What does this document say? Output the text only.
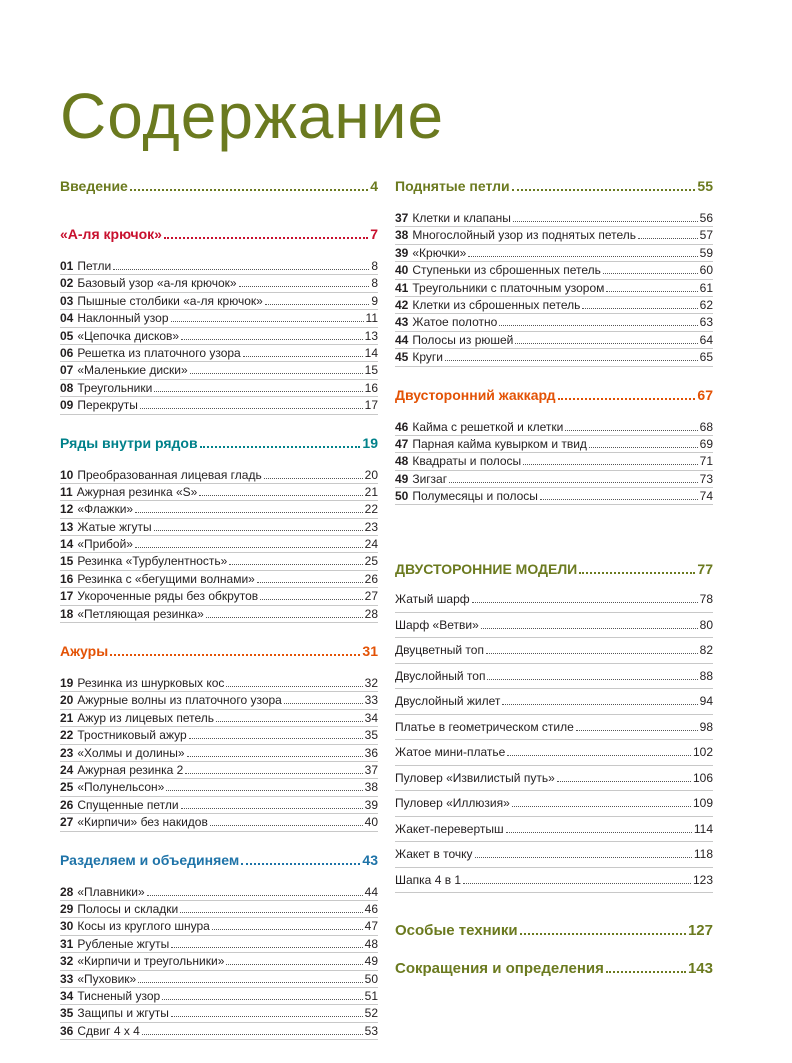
Содержание
Введение	4
«А-ля крючок»	7
01 Петли	8
02 Базовый узор «а-ля крючок»	8
03 Пышные столбики «а-ля крючок»	9
04 Наклонный узор	11
05 «Цепочка дисков»	13
06 Решетка из платочного узора	14
07 «Маленькие диски»	15
08 Треугольники	16
09 Перекруты	17
Ряды внутри рядов	19
10 Преобразованная лицевая гладь	20
11 Ажурная резинка «S»	21
12 «Флажки»	22
13 Жатые жгуты	23
14 «Прибой»	24
15 Резинка «Турбулентность»	25
16 Резинка с «бегущими волнами»	26
17 Укороченные ряды без обкрутов	27
18 «Петляющая резинка»	28
Ажуры	31
19 Резинка из шнурковых кос	32
20 Ажурные волны из платочного узора	33
21 Ажур из лицевых петель	34
22 Тростниковый ажур	35
23 «Холмы и долины»	36
24 Ажурная резинка 2	37
25 «Полунельсон»	38
26 Спущенные петли	39
27 «Кирпичи» без накидов	40
Разделяем и объединяем	43
28 «Плавники»	44
29 Полосы и складки	46
30 Косы из круглого шнура	47
31 Рубленые жгуты	48
32 «Кирпичи и треугольники»	49
33 «Пуховик»	50
34 Тисненый узор	51
35 Защипы и жгуты	52
36 Сдвиг 4 х 4	53
Поднятые петли	55
37 Клетки и клапаны	56
38 Многослойный узор из поднятых петель	57
39 «Крючки»	59
40 Ступеньки из сброшенных петель	60
41 Треугольники с платочным узором	61
42 Клетки из сброшенных петель	62
43 Жатое полотно	63
44 Полосы из рюшей	64
45 Круги	65
Двусторонний жаккард	67
46 Кайма с решеткой и клетки	68
47 Парная кайма кувырком и твид	69
48 Квадраты и полосы	71
49 Зигзаг	73
50 Полумесяцы и полосы	74
ДВУСТОРОННИЕ МОДЕЛИ	77
Жатый шарф	78
Шарф «Ветви»	80
Двуцветный топ	82
Двуслойный топ	88
Двуслойный жилет	94
Платье в геометрическом стиле	98
Жатое мини-платье	102
Пуловер «Извилистый путь»	106
Пуловер «Иллюзия»	109
Жакет-перевертыш	114
Жакет в точку	118
Шапка 4 в 1	123
Особые техники	127
Сокращения и определения	143
